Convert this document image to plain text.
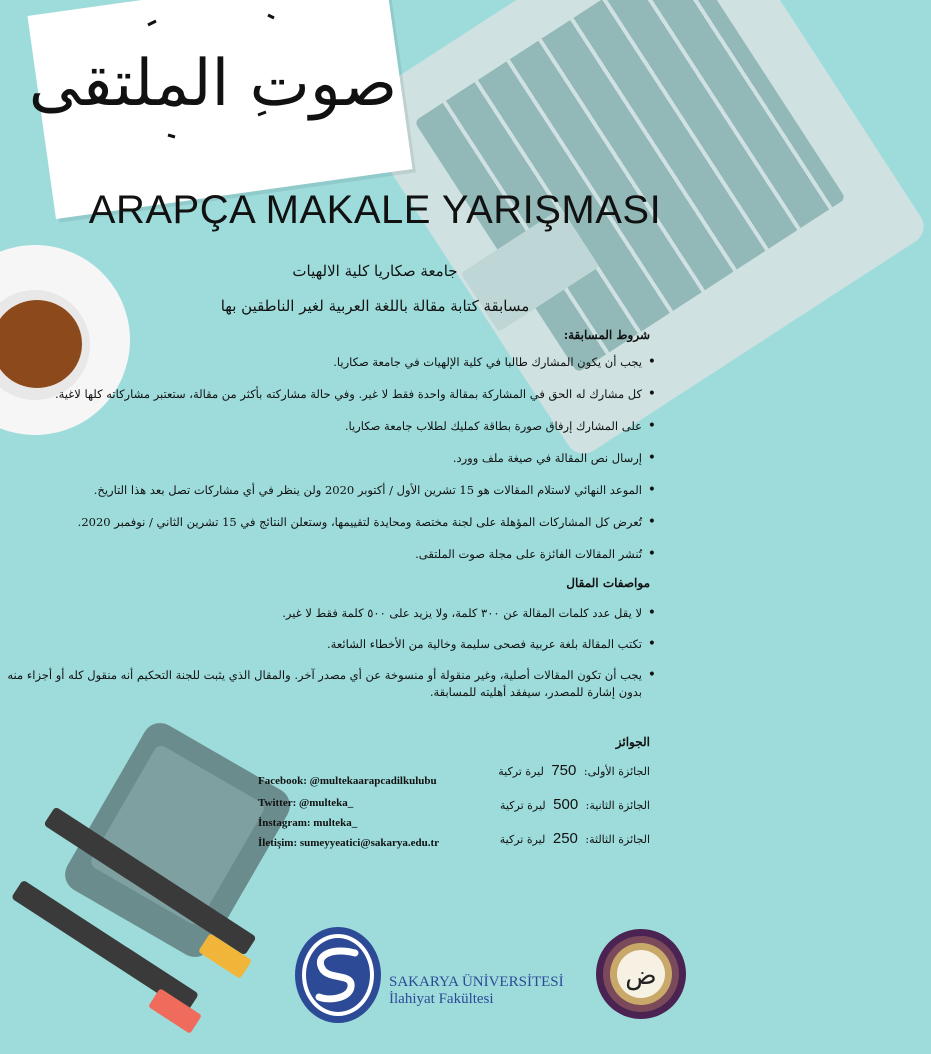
صوت الملتقى
ARAPÇA MAKALE YARIŞMASI
جامعة صكاريا كلية الالهيات
مسابقة كتابة مقالة باللغة العربية لغير الناطقين بها
شروط المسابقة:
• يجب أن يكون المشارك طالبا في كلية الإلهيات في جامعة صكاريا.
• كل مشارك له الحق في المشاركة بمقالة واحدة فقط لا غير. وفي حالة مشاركته بأكثر من مقالة، ستعتبر مشاركاته كلها لاغية.
• على المشارك إرفاق صورة بطاقة كمليك لطلاب جامعة صكاريا.
• إرسال نص المقالة في صيغة ملف وورد.
• الموعد النهائي لاستلام المقالات هو 15 تشرين الأول / أكتوبر 2020 ولن ينظر في أي مشاركات تصل بعد هذا التاريخ.
• تُعرض كل المشاركات المؤهلة على لجنة مختصة ومحايدة لتقييمها، وستعلن النتائج في 15 تشرين الثاني / نوفمبر 2020.
• تُنشر المقالات الفائزة على مجلة صوت الملتقى.
مواصفات المقال
• لا يقل عدد كلمات المقالة عن ٣٠٠ كلمة، ولا يزيد على ٥٠٠ كلمة فقط لا غير.
• تكتب المقالة بلغة عربية فصحى سليمة وخالية من الأخطاء الشائعة.
• يجب أن تكون المقالات أصلية، وغير منقولة أو منسوخة عن أي مصدر آخر. والمقال الذي يثبت للجنة التحكيم أنه منقول كله أو أجزاء منه بدون إشارة للمصدر، سيفقد أهليته للمسابقة.
الجوائز
الجائزة الأولى: 750 ليرة تركية
الجائزة الثانية: 500 ليرة تركية
الجائزة الثالثة: 250 ليرة تركية
Facebook: @multekaarapcadilkulubu
Twitter: @multeka_
İnstagram: multeka_
İletişim: sumeyyeatici@sakarya.edu.tr
SAKARYA ÜNİVERSİTESİ
İlahiyat Fakültesi
ض
